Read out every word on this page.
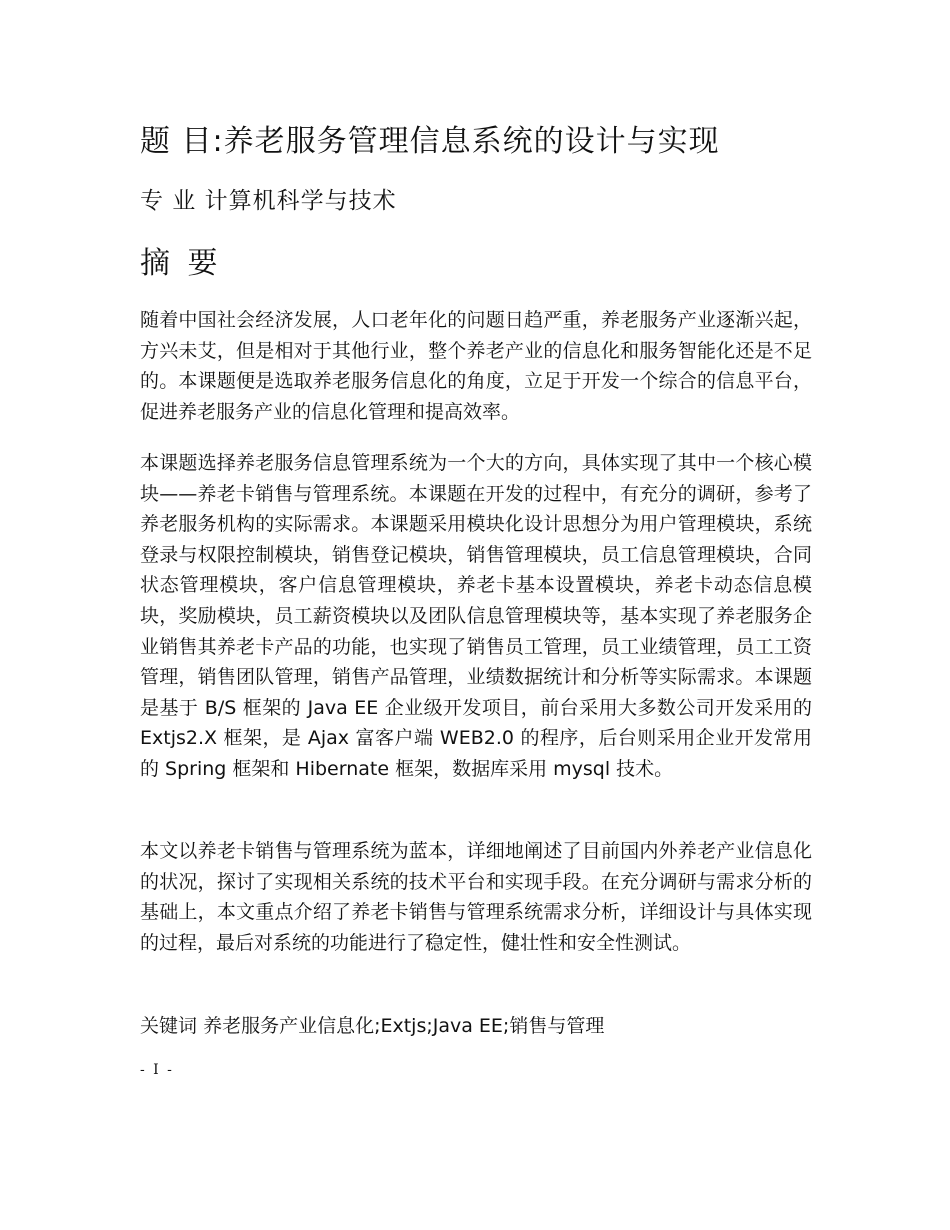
题 目:养老服务管理信息系统的设计与实现
专 业 计算机科学与技术
摘 要

随着中国社会经济发展，人口老年化的问题日趋严重，养老服务产业逐渐兴起，方兴未艾，但是相对于其他行业，整个养老产业的信息化和服务智能化还是不足的。本课题便是选取养老服务信息化的角度，立足于开发一个综合的信息平台，促进养老服务产业的信息化管理和提高效率。

本课题选择养老服务信息管理系统为一个大的方向，具体实现了其中一个核心模块——养老卡销售与管理系统。本课题在开发的过程中，有充分的调研，参考了养老服务机构的实际需求。本课题采用模块化设计思想分为用户管理模块，系统登录与权限控制模块，销售登记模块，销售管理模块，员工信息管理模块，合同状态管理模块，客户信息管理模块，养老卡基本设置模块，养老卡动态信息模块，奖励模块，员工薪资模块以及团队信息管理模块等，基本实现了养老服务企业销售其养老卡产品的功能，也实现了销售员工管理，员工业绩管理，员工工资管理，销售团队管理，销售产品管理，业绩数据统计和分析等实际需求。本课题是基于 B/S 框架的 Java EE 企业级开发项目，前台采用大多数公司开发采用的 Extjs2.X 框架，是 Ajax 富客户端 WEB2.0 的程序，后台则采用企业开发常用的 Spring 框架和 Hibernate 框架，数据库采用 mysql 技术。

本文以养老卡销售与管理系统为蓝本，详细地阐述了目前国内外养老产业信息化的状况，探讨了实现相关系统的技术平台和实现手段。在充分调研与需求分析的基础上，本文重点介绍了养老卡销售与管理系统需求分析，详细设计与具体实现的过程，最后对系统的功能进行了稳定性，健壮性和安全性测试。

关键词 养老服务产业信息化;Extjs;Java EE;销售与管理
- I -
